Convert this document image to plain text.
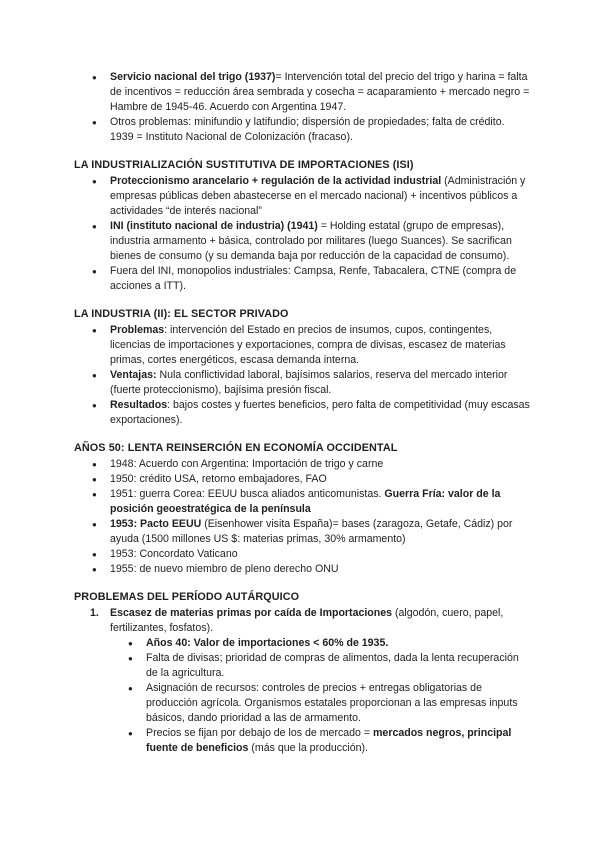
● Servicio nacional del trigo (1937)= Intervención total del precio del trigo y harina = falta de incentivos = reducción área sembrada y cosecha = acaparamiento + mercado negro = Hambre de 1945-46. Acuerdo con Argentina 1947.
● Otros problemas: minifundio y latifundio; dispersión de propiedades; falta de crédito. 1939 = Instituto Nacional de Colonización (fracaso).
LA INDUSTRIALIZACIÓN SUSTITUTIVA DE IMPORTACIONES (ISI)
● Proteccionismo arancelario + regulación de la actividad industrial (Administración y empresas públicas deben abastecerse en el mercado nacional) + incentivos públicos a actividades “de interés nacional”
● INI (instituto nacional de industria) (1941) = Holding estatal (grupo de empresas), industria armamento + básica, controlado por militares (luego Suances). Se sacrifican bienes de consumo (y su demanda baja por reducción de la capacidad de consumo).
● Fuera del INI, monopolios industriales: Campsa, Renfe, Tabacalera, CTNE (compra de acciones a ITT).
LA INDUSTRIA (II): EL SECTOR PRIVADO
● Problemas: intervención del Estado en precios de insumos, cupos, contingentes, licencias de importaciones y exportaciones, compra de divisas, escasez de materias primas, cortes energéticos, escasa demanda interna.
● Ventajas: Nula conflictividad laboral, bajísimos salarios, reserva del mercado interior (fuerte proteccionismo), bajísima presión fiscal.
● Resultados: bajos costes y fuertes beneficios, pero falta de competitividad (muy escasas exportaciones).
AÑOS 50: LENTA REINSERCIÓN EN ECONOMÍA OCCIDENTAL
● 1948: Acuerdo con Argentina: Importación de trigo y carne
● 1950: crédito USA, retorno embajadores, FAO
● 1951: guerra Corea: EEUU busca aliados anticomunistas. Guerra Fría: valor de la posición geoestratégica de la península
● 1953: Pacto EEUU (Eisenhower visita España)= bases (zaragoza, Getafe, Cádiz) por ayuda (1500 millones US $: materias primas, 30% armamento)
● 1953: Concordato Vaticano
● 1955: de nuevo miembro de pleno derecho ONU
PROBLEMAS DEL PERÍODO AUTÁRQUICO
1. Escasez de materias primas por caída de Importaciones (algodón, cuero, papel, fertilizantes, fosfatos).
● Años 40: Valor de importaciones < 60% de 1935.
● Falta de divisas; prioridad de compras de alimentos, dada la lenta recuperación de la agricultura.
● Asignación de recursos: controles de precios + entregas obligatorias de producción agrícola. Organismos estatales proporcionan a las empresas inputs básicos, dando prioridad a las de armamento.
● Precios se fijan por debajo de los de mercado = mercados negros, principal fuente de beneficios (más que la producción).
